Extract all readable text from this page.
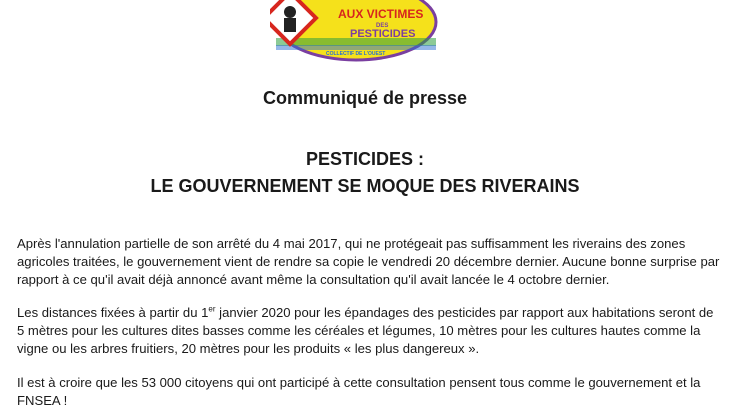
AUX VICTIMES
DES
PESTICIDES
COLLECTIF DE L'OUEST
Communiqué de presse
PESTICIDES :
LE GOUVERNEMENT SE MOQUE DES RIVERAINS

Après l'annulation partielle de son arrêté du 4 mai 2017, qui ne protégeait pas suffisamment les riverains des zones agricoles traitées, le gouvernement vient de rendre sa copie le vendredi 20 décembre dernier. Aucune bonne surprise par rapport à ce qu'il avait déjà annoncé avant même la consultation qu'il avait lancée le 4 octobre dernier.

Les distances fixées à partir du 1er janvier 2020 pour les épandages des pesticides par rapport aux habitations seront de 5 mètres pour les cultures dites basses comme les céréales et légumes, 10 mètres pour les cultures hautes comme la vigne ou les arbres fruitiers, 20 mètres pour les produits « les plus dangereux ».

Il est à croire que les 53 000 citoyens qui ont participé à cette consultation pensent tous comme le gouvernement et la FNSEA !
